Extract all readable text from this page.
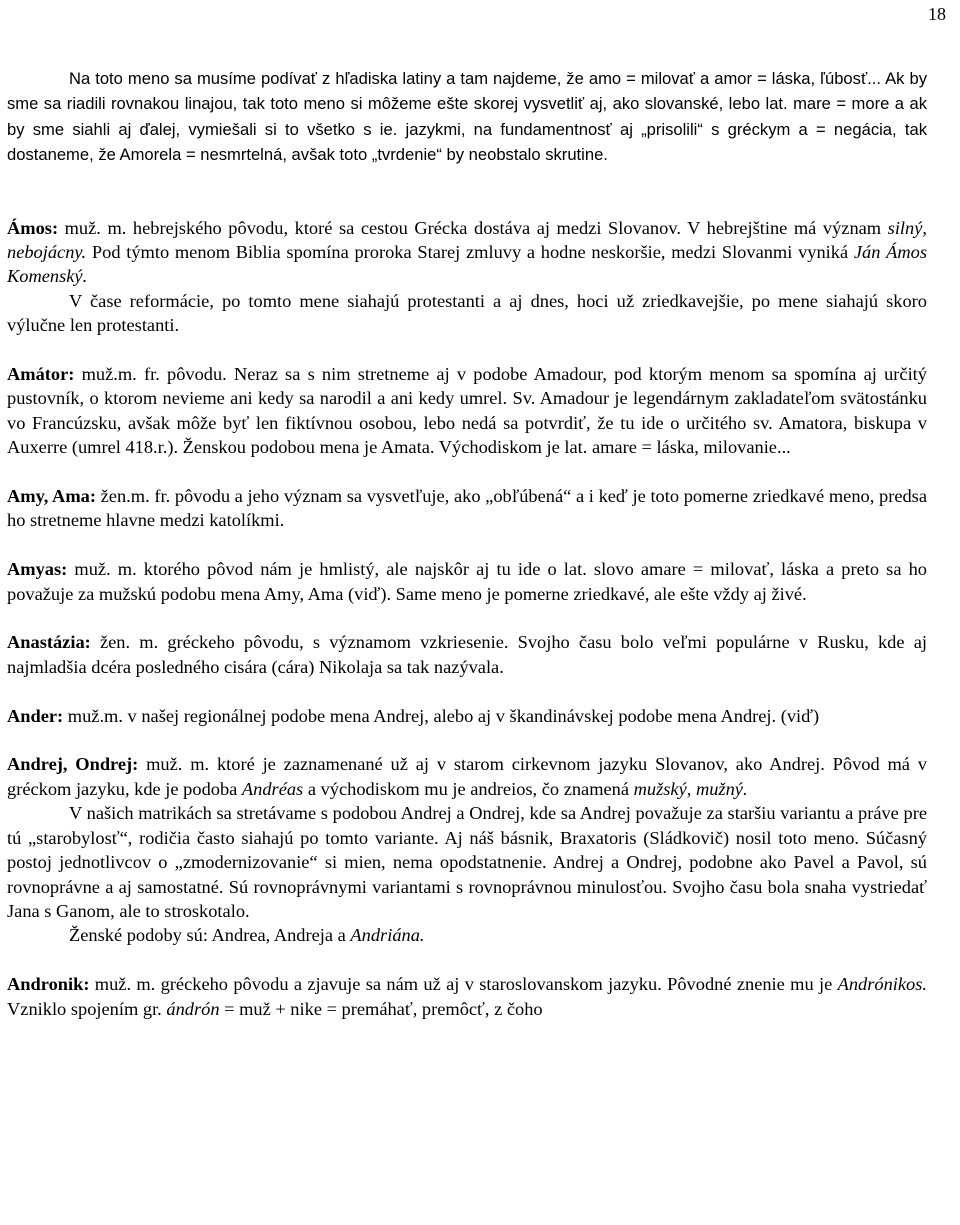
18

Na toto meno sa musíme podívať z hľadiska latiny a tam najdeme, že amo = milovať a amor = láska, ľúbosť... Ak by sme sa riadili rovnakou linajou, tak toto meno si môžeme ešte skorej vysvetliť aj, ako slovanské, lebo lat. mare = more a ak by sme siahli aj ďalej, vymiešali si to všetko s ie. jazykmi, na fundamentnosť aj „prisolili“ s gréckym a = negácia, tak dostaneme, že Amorela = nesmrtelná, avšak toto „tvrdenie“ by neobstalo skrutine.

Ámos: muž. m. hebrejského pôvodu, ktoré sa cestou Grécka dostáva aj medzi Slovanov. V hebrejštine má význam silný, nebojácny. Pod týmto menom Biblia spomína proroka Starej zmluvy a hodne neskoršie, medzi Slovanmi vyniká Ján Ámos Komenský.

V čase reformácie, po tomto mene siahajú protestanti a aj dnes, hoci už zriedkavejšie, po mene siahajú skoro výlučne len protestanti.

Amátor: muž.m. fr. pôvodu. Neraz sa s nim stretneme aj v podobe Amadour, pod ktorým menom sa spomína aj určitý pustovník, o ktorom nevieme ani kedy sa narodil a ani kedy umrel. Sv. Amadour je legendárnym zakladateľom svätostánku vo Francúzsku, avšak môže byť len fiktívnou osobou, lebo nedá sa potvrdiť, že tu ide o určitého sv. Amatora, biskupa v Auxerre (umrel 418.r.). Ženskou podobou mena je Amata. Východiskom je lat. amare = láska, milovanie...

Amy, Ama: žen.m. fr. pôvodu a jeho význam sa vysvetľuje, ako „obľúbená“ a i keď je toto pomerne zriedkavé meno, predsa ho stretneme hlavne medzi katolíkmi.

Amyas: muž. m. ktorého pôvod nám je hmlistý, ale najskôr aj tu ide o lat. slovo amare = milovať, láska a preto sa ho považuje za mužskú podobu mena Amy, Ama (viď). Same meno je pomerne zriedkavé, ale ešte vždy aj živé.

Anastázia: žen. m. gréckeho pôvodu, s významom vzkriesenie. Svojho času bolo veľmi populárne v Rusku, kde aj najmladšia dcéra posledného cisára (cára) Nikolaja sa tak nazývala.

Ander: muž.m. v našej regionálnej podobe mena Andrej, alebo aj v škandinávskej podobe mena Andrej. (viď)

Andrej, Ondrej: muž. m. ktoré je zaznamenané už aj v starom cirkevnom jazyku Slovanov, ako Andrej. Pôvod má v gréckom jazyku, kde je podoba Andréas a východiskom mu je andreios, čo znamená mužský, mužný.

V našich matrikách sa stretávame s podobou Andrej a Ondrej, kde sa Andrej považuje za staršiu variantu a práve pre tú „starobylosť“, rodičia často siahajú po tomto variante. Aj náš básnik, Braxatoris (Sládkovič) nosil toto meno. Súčasný postoj jednotlivcov o „zmodernizovanie“ si mien, nema opodstatnenie. Andrej a Ondrej, podobne ako Pavel a Pavol, sú rovnoprávne a aj samostatné. Sú rovnoprávnymi variantami s rovnoprávnou minulosťou. Svojho času bola snaha vystriedať Jana s Ganom, ale to stroskotalo.

Ženské podoby sú: Andrea, Andreja a Andriána.

Andronik: muž. m. gréckeho pôvodu a zjavuje sa nám už aj v staroslovanskom jazyku. Pôvodné znenie mu je Andrónikos. Vzniklo spojením gr. ándrón = muž + nike = premáhať, premôcť, z čoho
